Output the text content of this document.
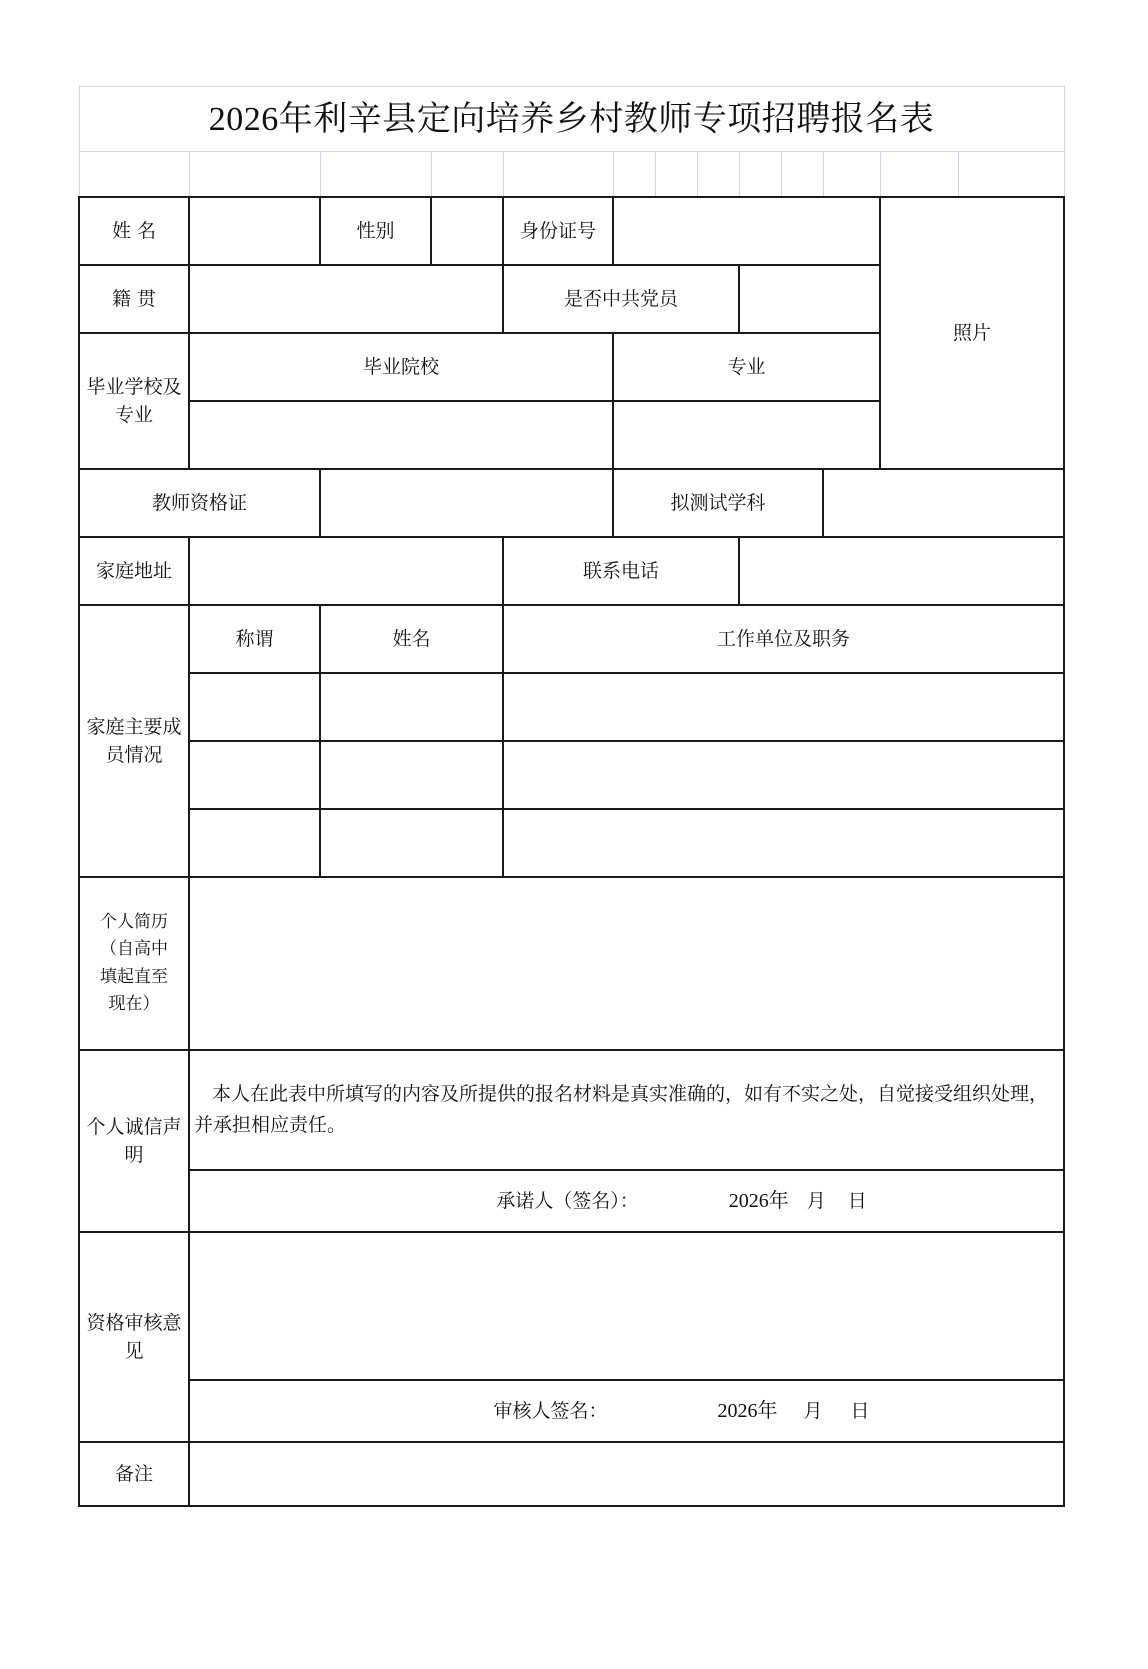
2026年利辛县定向培养乡村教师专项招聘报名表												

姓 名		性别		身份证号							照片	
籍 贯				是否中共党员								
毕业学校及专业	毕业院校				专业							

教师资格证					拟测试学科							
家庭地址				联系电话								
家庭主要成员情况	称谓	姓名		工作单位及职务								

个人简历（自高中填起直至现在）												
个人诚信声明	本人在此表中所填写的内容及所提供的报名材料是真实准确的，如有不实之处，自觉接受组织处理，并承担相应责任。											
	承诺人（签名）： 2026年 月 日											
资格审核意见												
	审核人签名： 2026年 月 日											
备注												
